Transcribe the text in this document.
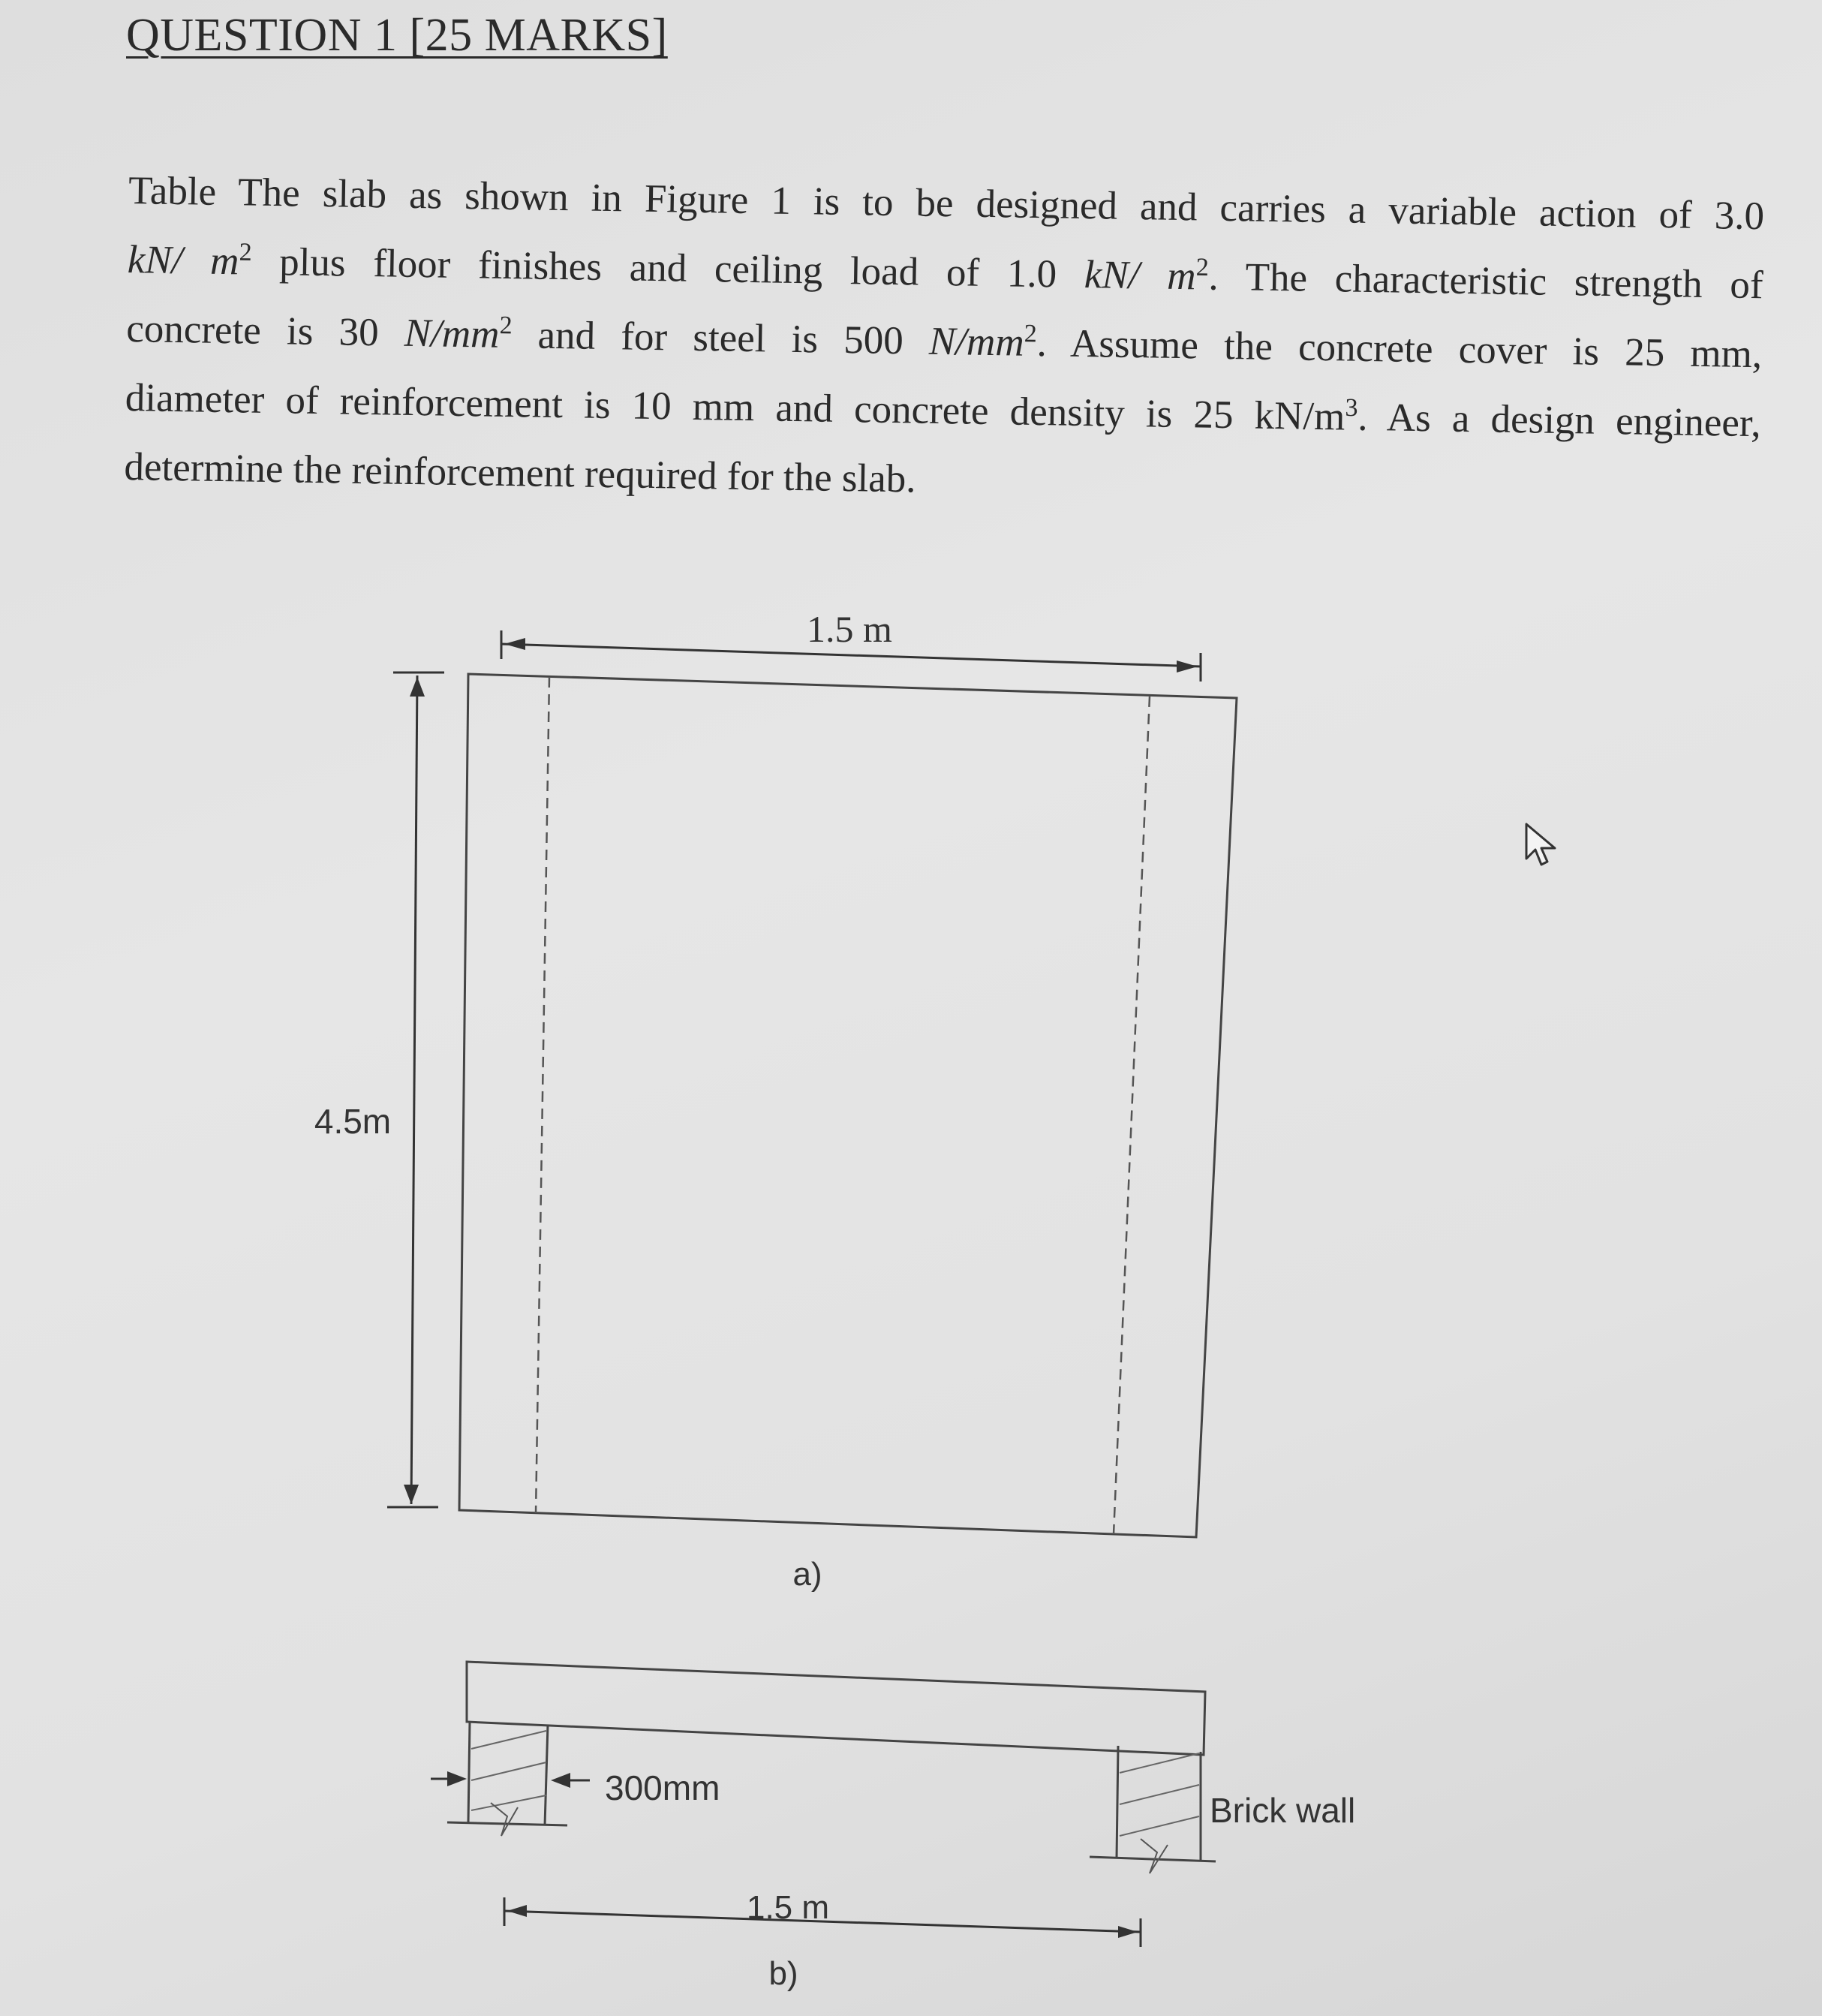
QUESTION 1 [25 MARKS]
Table The slab as shown in Figure 1 is to be designed and carries a variable action of 3.0
kN/ $m^2$ plus floor finishes and ceiling load of 1.0 kN/ $m^2$. The characteristic strength of
concrete is 30 $N/mm^2$ and for steel is 500 $N/mm^2$. Assume the concrete cover is 25 mm,
diameter of reinforcement is 10 mm and concrete density is 25 $kN/m^3$. As a design engineer,
determine the reinforcement required for the slab.
1.5 m
4.5m
a)
300mm
Brick wall
1.5 m
b)
